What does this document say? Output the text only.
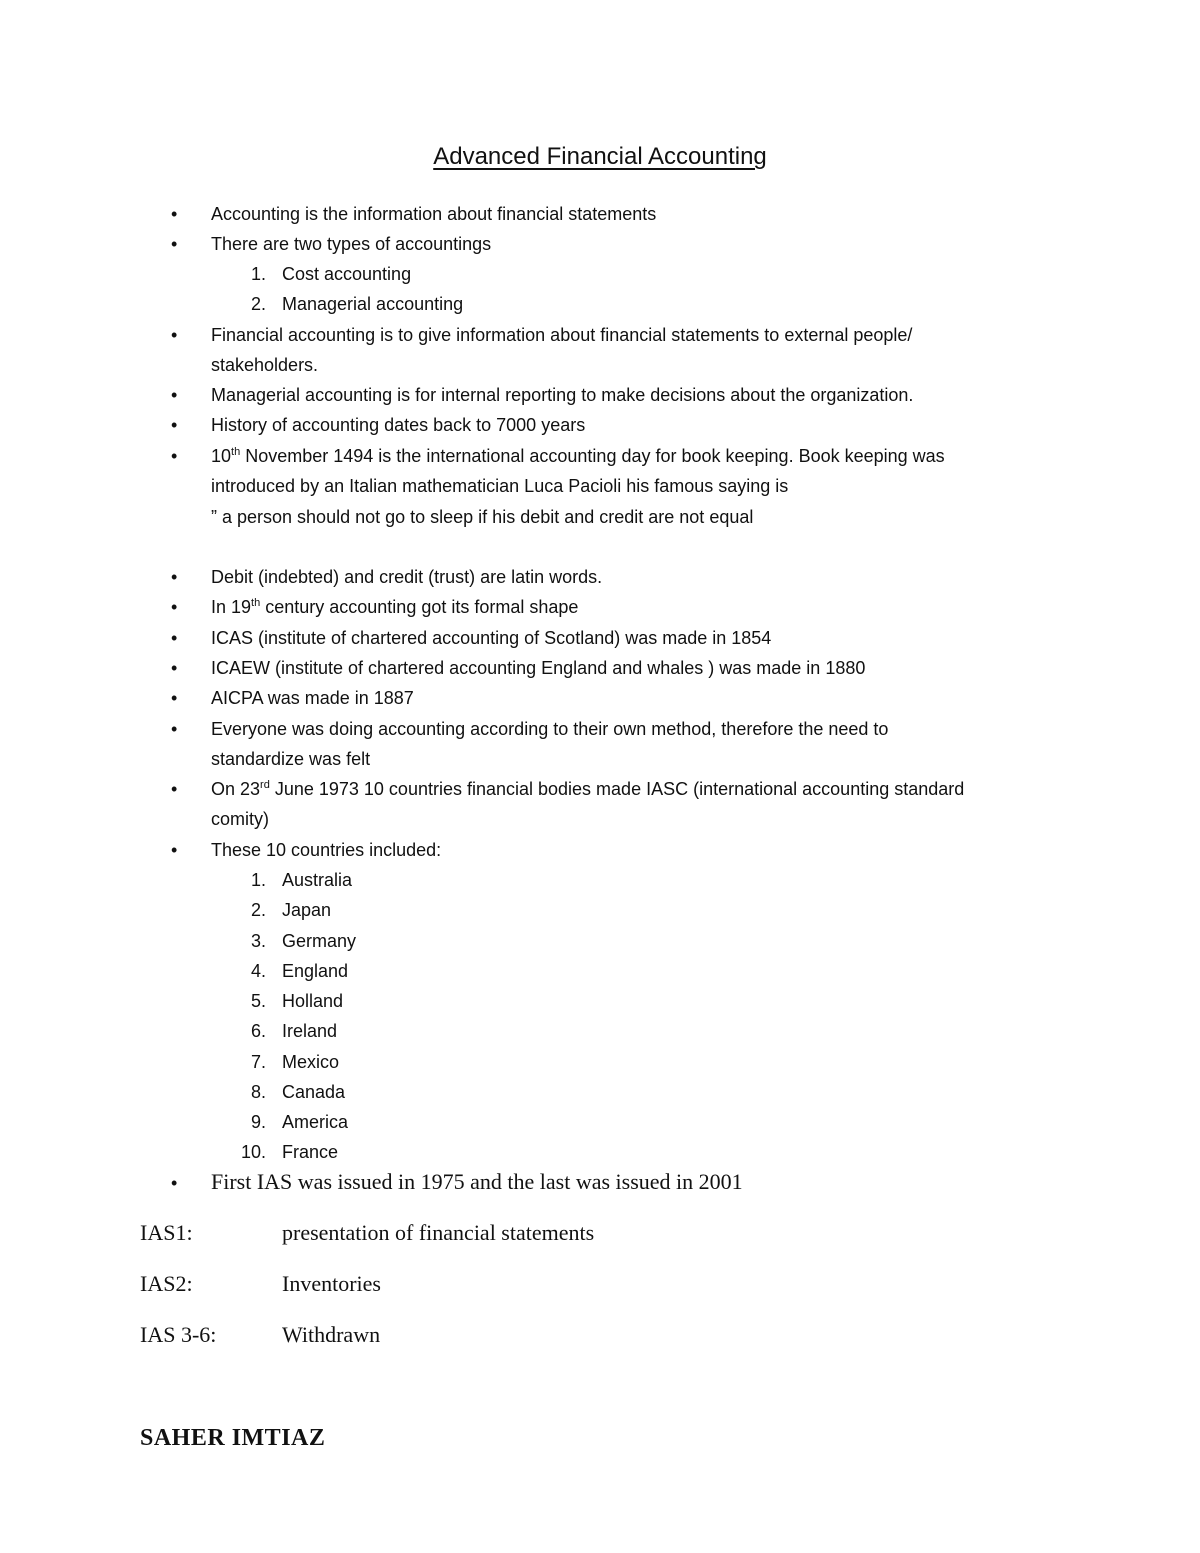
Advanced Financial Accounting
• Accounting is the information about financial statements
• There are two types of accountings
1. Cost accounting
2. Managerial accounting
• Financial accounting is to give information about financial statements to external people/
stakeholders.
• Managerial accounting is for internal reporting to make decisions about the organization.
• History of accounting dates back to 7000 years
• 10th November 1494 is the international accounting day for book keeping. Book keeping was
introduced by an Italian mathematician Luca Pacioli his famous saying is
” a person should not go to sleep if his debit and credit are not equal
• Debit (indebted) and credit (trust) are latin words.
• In 19th century accounting got its formal shape
• ICAS (institute of chartered accounting of Scotland) was made in 1854
• ICAEW (institute of chartered accounting England and whales ) was made in 1880
• AICPA was made in 1887
• Everyone was doing accounting according to their own method, therefore the need to
standardize was felt
• On 23rd June 1973 10 countries financial bodies made IASC (international accounting standard
comity)
• These 10 countries included:
1. Australia
2. Japan
3. Germany
4. England
5. Holland
6. Ireland
7. Mexico
8. Canada
9. America
10. France
• First IAS was issued in 1975 and the last was issued in 2001
IAS1:	presentation of financial statements
IAS2:	Inventories
IAS 3-6:	Withdrawn
SAHER IMTIAZ
